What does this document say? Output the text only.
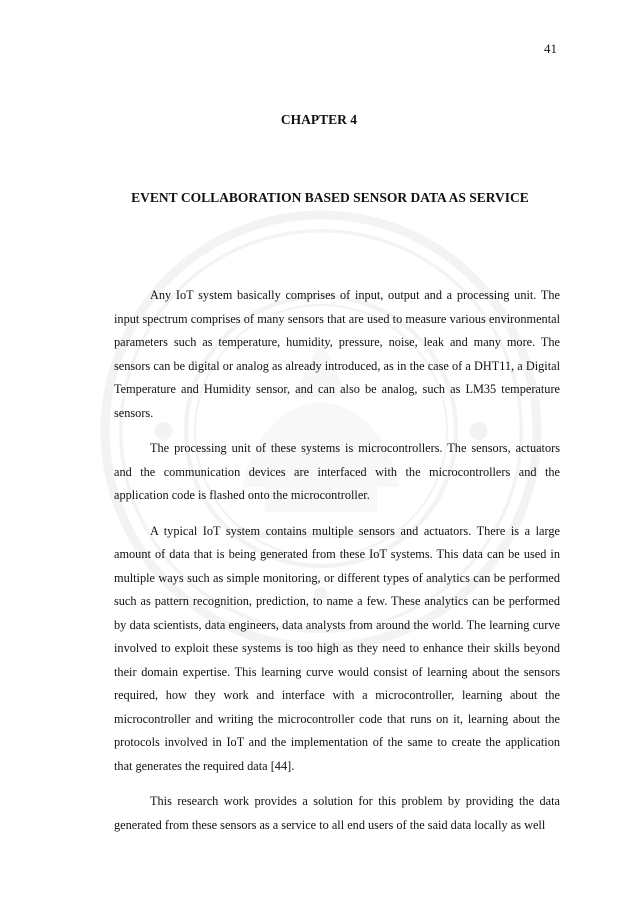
41
CHAPTER 4
EVENT COLLABORATION BASED SENSOR DATA AS SERVICE

Any IoT system basically comprises of input, output and a processing unit. The input spectrum comprises of many sensors that are used to measure various environmental parameters such as temperature, humidity, pressure, noise, leak and many more. The sensors can be digital or analog as already introduced, as in the case of a DHT11, a Digital Temperature and Humidity sensor, and can also be analog, such as LM35 temperature sensors.

The processing unit of these systems is microcontrollers. The sensors, actuators and the communication devices are interfaced with the microcontrollers and the application code is flashed onto the microcontroller.

A typical IoT system contains multiple sensors and actuators. There is a large amount of data that is being generated from these IoT systems. This data can be used in multiple ways such as simple monitoring, or different types of analytics can be performed such as pattern recognition, prediction, to name a few. These analytics can be performed by data scientists, data engineers, data analysts from around the world. The learning curve involved to exploit these systems is too high as they need to enhance their skills beyond their domain expertise. This learning curve would consist of learning about the sensors required, how they work and interface with a microcontroller, learning about the microcontroller and writing the microcontroller code that runs on it, learning about the protocols involved in IoT and the implementation of the same to create the application that generates the required data [44].

This research work provides a solution for this problem by providing the data generated from these sensors as a service to all end users of the said data locally as well
